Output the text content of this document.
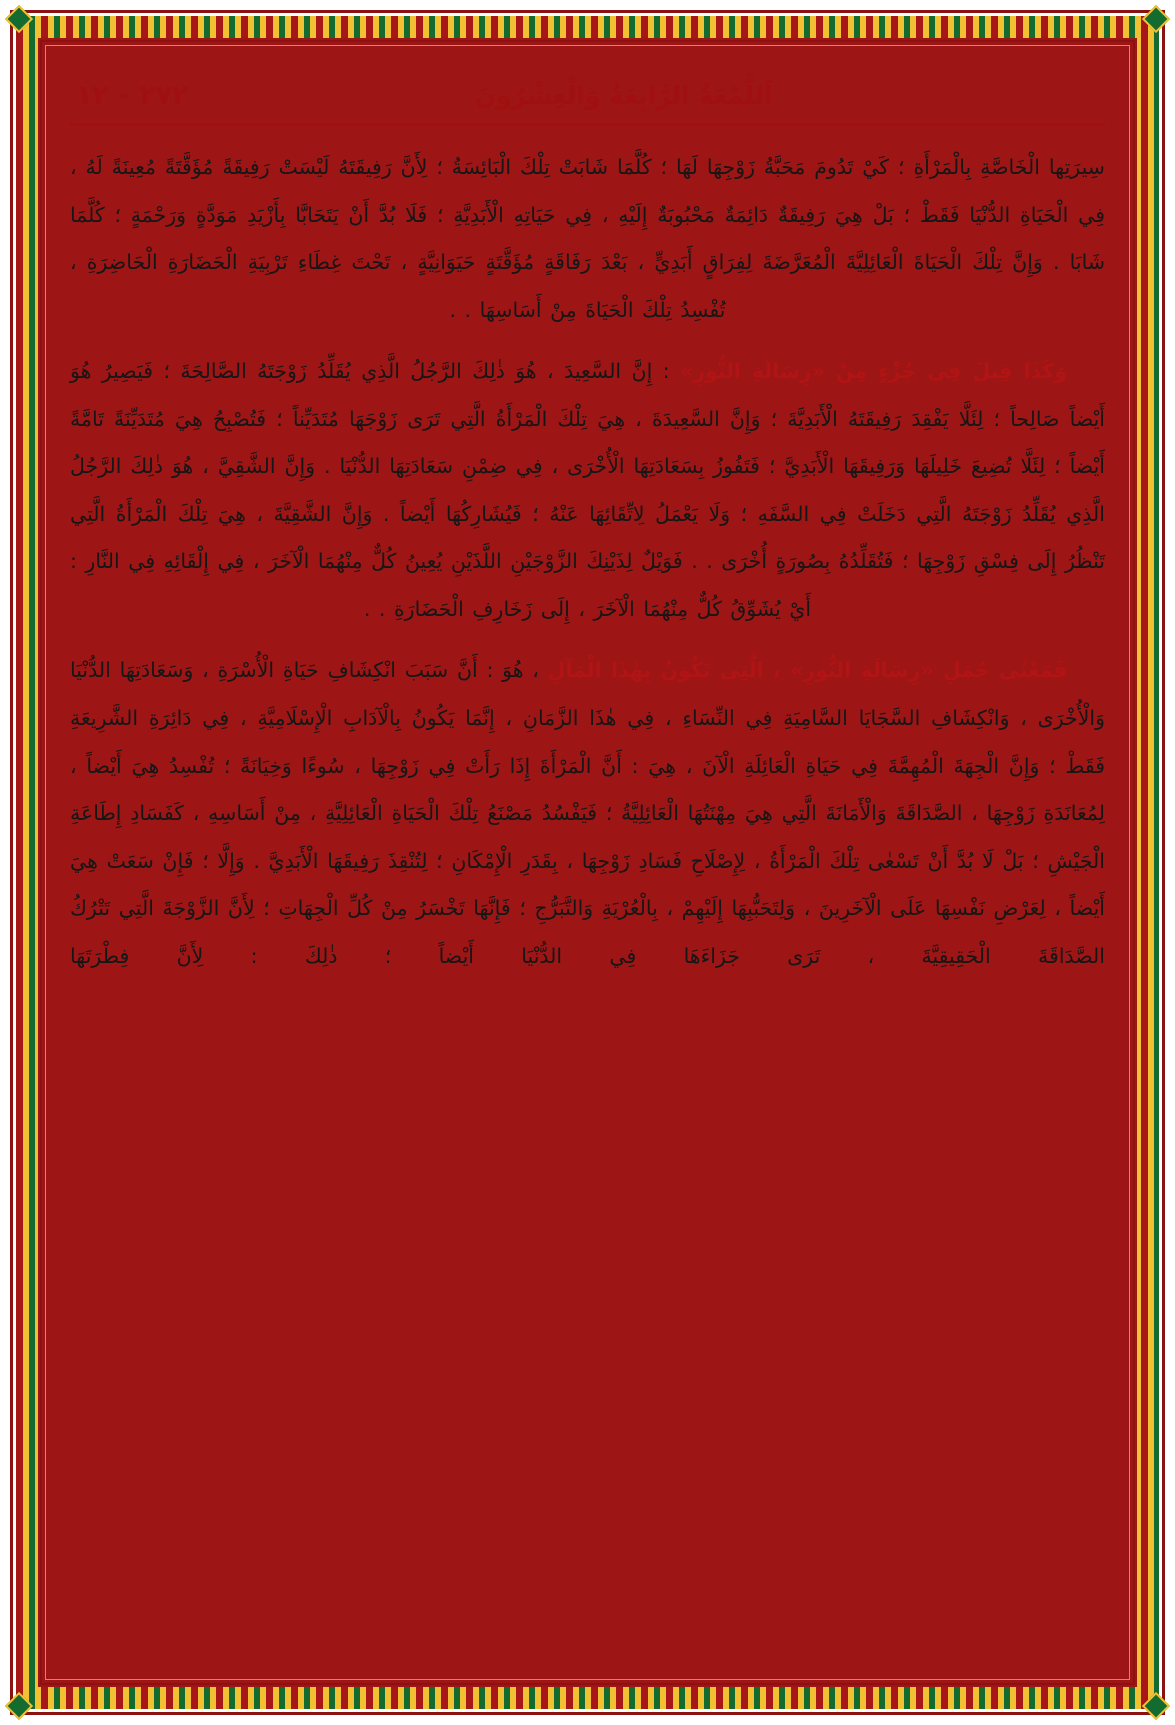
اَللَّمْعَةُ الرَّابِعَةُ وَالْعِشْرُونَ
٢٧٢ - ١٢

سِيرَتِها الْخَاصَّةِ بِالْمَرْأَةِ ؛ كَيْ تَدُومَ مَحَبَّةُ زَوْجِهَا لَهَا ؛ كُلَّمَا شَابَتْ تِلْكَ الْبَائِسَةُ ؛ لِأَنَّ رَفِيقَتَهُ لَيْسَتْ رَفِيقَةً مُؤَقَّتَةً مُعِينَةً لَهُ ، فِي الْحَيَاةِ الدُّنْيَا فَقَطْ ؛ بَلْ هِيَ رَفِيقَةٌ دَائِمَةٌ مَحْبُوبَةٌ إِلَيْهِ ، فِي حَيَاتِهِ الْأَبَدِيَّةِ ؛ فَلَا بُدَّ أَنْ يَتَحَابَّا بِأَزْيَدِ مَوَدَّةٍ وَرَحْمَةٍ ؛ كُلَّمَا شَابَا . وَإِنَّ تِلْكَ الْحَيَاةَ الْعَائِلِيَّةَ الْمُعَرَّضَةَ لِفِرَاقٍ أَبَدِيٍّ ، بَعْدَ رَفَاقَةٍ مُؤَقَّتَةٍ حَيَوَانِيَّةٍ ، تَحْتَ غِطَاءِ تَرْبِيَةِ الْحَضَارَةِ الْحَاضِرَةِ ، تُفْسِدُ تِلْكَ الْحَيَاةَ مِنْ أَسَاسِهَا . .

وَكَذَا قِيلَ فِي جُزْءٍ مِنْ «رِسَالَةِ النُّورِ» : إِنَّ السَّعِيدَ ، هُوَ ذٰلِكَ الرَّجُلُ الَّذِي يُقَلِّدُ زَوْجَتَهُ الصَّالِحَةَ ؛ فَيَصِيرُ هُوَ أَيْضاً صَالِحاً ؛ لِئَلَّا يَفْقِدَ رَفِيقَتَهُ الْأَبَدِيَّةَ ؛ وَإِنَّ السَّعِيدَةَ ، هِيَ تِلْكَ الْمَرْأَةُ الَّتِي تَرَى زَوْجَهَا مُتَدَيِّناً ؛ فَتُصْبِحُ هِيَ مُتَدَيِّنَةً تَامَّةً أَيْضاً ؛ لِئَلَّا تُضِيعَ خَلِيلَهَا وَرَفِيقَهَا الْأَبَدِيَّ ؛ فَتَفُوزُ بِسَعَادَتِهَا الْأُخْرَى ، فِي ضِمْنِ سَعَادَتِهَا الدُّنْيَا . وَإِنَّ الشَّقِيَّ ، هُوَ ذٰلِكَ الرَّجُلُ الَّذِي يُقَلِّدُ زَوْجَتَهُ الَّتِي دَخَلَتْ فِي السَّفَهِ ؛ وَلَا يَعْمَلُ لِاتِّقَائِهَا عَنْهُ ؛ فَيُشَارِكُهَا أَيْضاً . وَإِنَّ الشَّقِيَّةَ ، هِيَ تِلْكَ الْمَرْأَةُ الَّتِي تَنْظُرُ إِلَى فِسْقِ زَوْجِهَا ؛ فَتُقَلِّدُهُ بِصُورَةٍ أُخْرَى . . فَوَيْلٌ لِذَيْنِكَ الزَّوْجَيْنِ اللَّذَيْنِ يُعِينُ كُلٌّ مِنْهُمَا الْآخَرَ ، فِي إِلْقَائِهِ فِي النَّارِ : أَيْ يُشَوِّقُ كُلٌّ مِنْهُمَا الْآخَرَ ، إِلَى زَخَارِفِ الْحَضَارَةِ . .

فَمَعْنٰى جُمَلِ «رِسَالَةِ النُّورِ» ، الَّتِي تَكُونُ بِهٰذَا الْمَآلِ ، هُوَ : أَنَّ سَبَبَ انْكِشَافِ حَيَاةِ الْأُسْرَةِ ، وَسَعَادَتِهَا الدُّنْيَا وَالْأُخْرَى ، وَانْكِشَافِ السَّجَايَا السَّامِيَةِ فِي النِّسَاءِ ، فِي هٰذَا الزَّمَانِ ، إِنَّمَا يَكُونُ بِالْآدَابِ الْإِسْلَامِيَّةِ ، فِي دَائِرَةِ الشَّرِيعَةِ فَقَطْ ؛ وَإِنَّ الْجِهَةَ الْمُهِمَّةَ فِي حَيَاةِ الْعَائِلَةِ الْآنَ ، هِيَ : أَنَّ الْمَرْأَةَ إِذَا رَأَتْ فِي زَوْجِهَا ، سُوءًا وَخِيَانَةً ؛ تُفْسِدُ هِيَ أَيْضاً ، لِمُعَانَدَةِ زَوْجِهَا ، الصَّدَاقَةَ وَالْأَمَانَةَ الَّتِي هِيَ مِهْنَتُهَا الْعَائِلِيَّةُ ؛ فَيَفْسُدُ مَصْنَعُ تِلْكَ الْحَيَاةِ الْعَائِلِيَّةِ ، مِنْ أَسَاسِهِ ، كَفَسَادِ إِطَاعَةِ الْجَيْشِ ؛ بَلْ لَا بُدَّ أَنْ تَسْعٰى تِلْكَ الْمَرْأَةُ ، لِإِصْلَاحِ فَسَادِ زَوْجِهَا ، بِقَدَرِ الْإِمْكَانِ ؛ لِتُنْقِذَ رَفِيقَهَا الْأَبَدِيَّ . وَإِلَّا ؛ فَإِنْ سَعَتْ هِيَ أَيْضاً ، لِعَرْضِ نَفْسِهَا عَلَى الْآخَرِينَ ، وَلِتَحَبُّبِهَا إِلَيْهِمْ ، بِالْعُرْيَةِ وَالتَّبَرُّجِ ؛ فَإِنَّهَا تَخْسَرُ مِنْ كُلِّ الْجِهَاتِ ؛ لِأَنَّ الزَّوْجَةَ الَّتِي تَتْرُكُ الصَّدَاقَةَ الْحَقِيقِيَّةَ ، تَرَى جَزَاءَهَا فِي الدُّنْيَا أَيْضاً ؛ ذٰلِكَ : لِأَنَّ فِطْرَتَهَا
